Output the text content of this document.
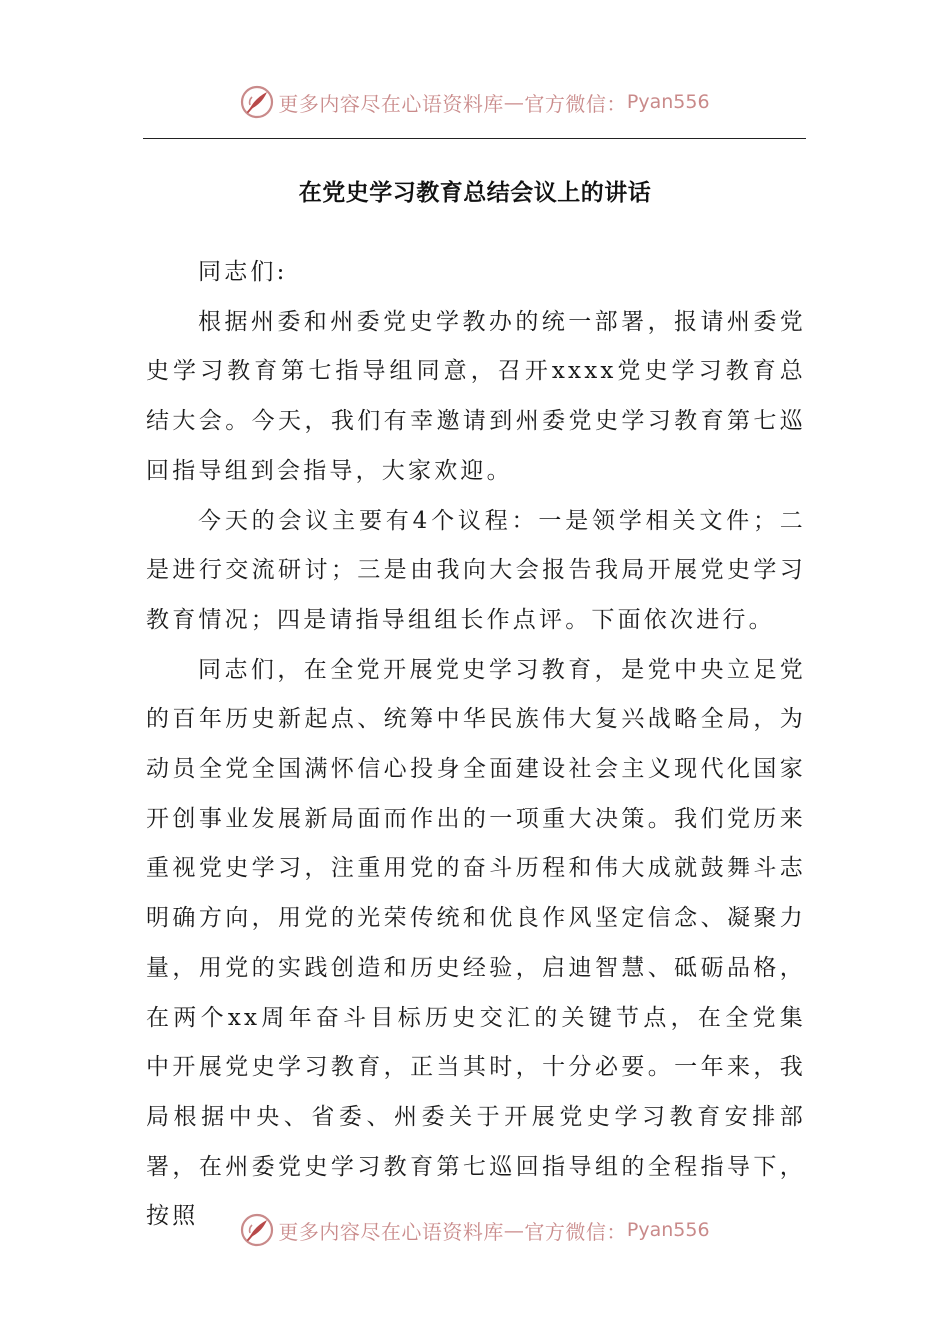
更多内容尽在心语资料库 — 官方微信： Pyan556
在党史学习教育总结会议上的讲话

同志们:

根据州委和州委党史学教办的统一部署，报请州委党史学习教育第七指导组同意，召开xxxx党史学习教育总结大会。今天，我们有幸邀请到州委党史学习教育第七巡回指导组到会指导，大家欢迎。

今天的会议主要有4个议程：一是领学相关文件；二是进行交流研讨；三是由我向大会报告我局开展党史学习教育情况；四是请指导组组长作点评。下面依次进行。

同志们，在全党开展党史学习教育，是党中央立足党的百年历史新起点、统筹中华民族伟大复兴战略全局，为动员全党全国满怀信心投身全面建设社会主义现代化国家开创事业发展新局面而作出的一项重大决策。我们党历来重视党史学习，注重用党的奋斗历程和伟大成就鼓舞斗志明确方向，用党的光荣传统和优良作风坚定信念、凝聚力量，用党的实践创造和历史经验，启迪智慧、砥砺品格，在两个xx周年奋斗目标历史交汇的关键节点，在全党集中开展党史学习教育，正当其时，十分必要。一年来，我局根据中央、省委、州委关于开展党史学习教育安排部署，在州委党史学习教育第七巡回指导组的全程指导下，按照

更多内容尽在心语资料库 — 官方微信： Pyan556
